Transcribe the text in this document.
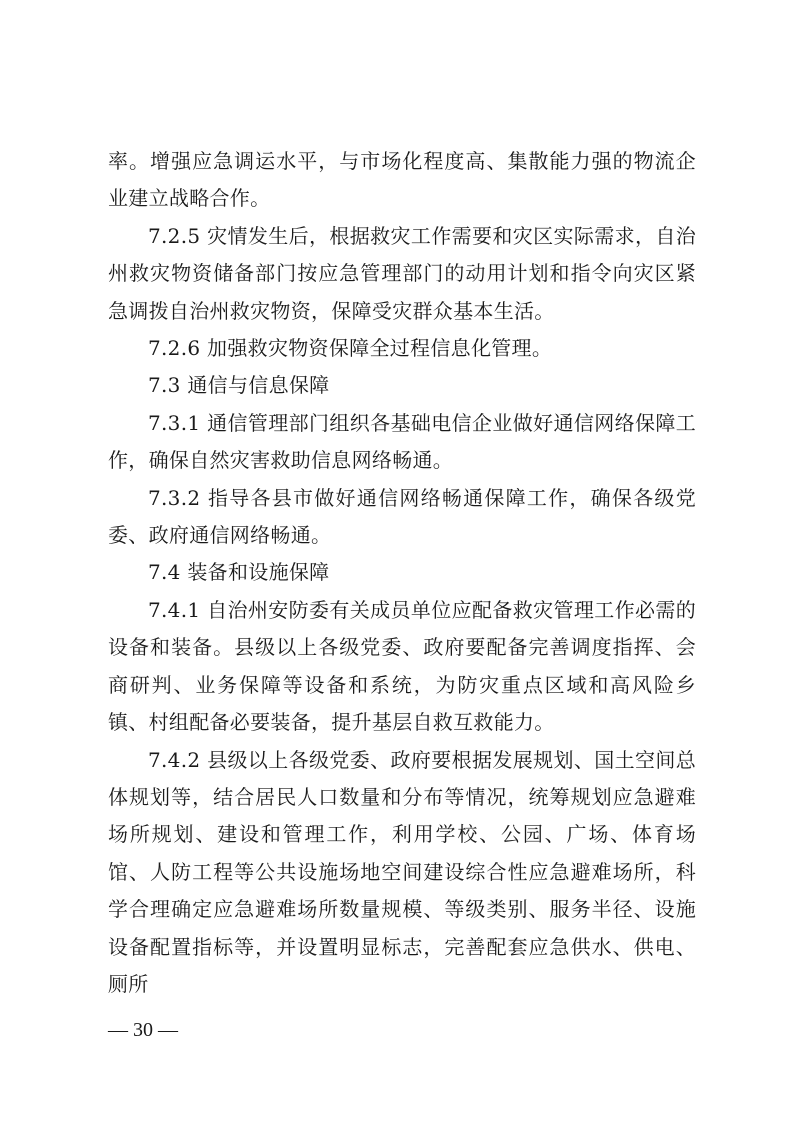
率。增强应急调运水平，与市场化程度高、集散能力强的物流企业建立战略合作。

7.2.5 灾情发生后，根据救灾工作需要和灾区实际需求，自治州救灾物资储备部门按应急管理部门的动用计划和指令向灾区紧急调拨自治州救灾物资，保障受灾群众基本生活。

7.2.6 加强救灾物资保障全过程信息化管理。

7.3 通信与信息保障

7.3.1 通信管理部门组织各基础电信企业做好通信网络保障工作，确保自然灾害救助信息网络畅通。

7.3.2 指导各县市做好通信网络畅通保障工作，确保各级党委、政府通信网络畅通。

7.4 装备和设施保障

7.4.1 自治州安防委有关成员单位应配备救灾管理工作必需的设备和装备。县级以上各级党委、政府要配备完善调度指挥、会商研判、业务保障等设备和系统，为防灾重点区域和高风险乡镇、村组配备必要装备，提升基层自救互救能力。

7.4.2 县级以上各级党委、政府要根据发展规划、国土空间总体规划等，结合居民人口数量和分布等情况，统筹规划应急避难场所规划、建设和管理工作，利用学校、公园、广场、体育场馆、人防工程等公共设施场地空间建设综合性应急避难场所，科学合理确定应急避难场所数量规模、等级类别、服务半径、设施设备配置指标等，并设置明显标志，完善配套应急供水、供电、厕所

— 30 —
